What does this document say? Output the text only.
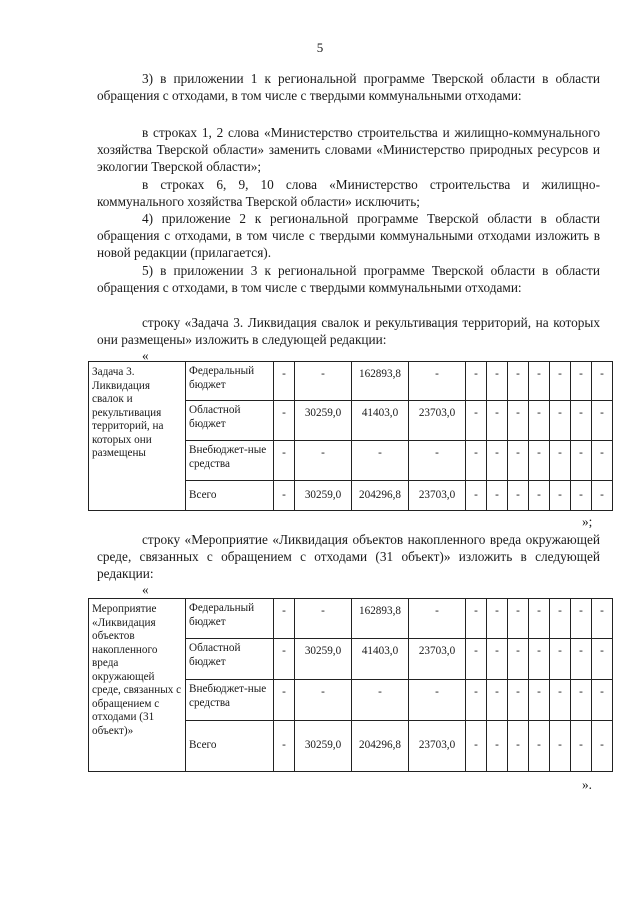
5

3) в приложении 1 к региональной программе Тверской области в области обращения с отходами, в том числе с твердыми коммунальными отходами:

в строках 1, 2 слова «Министерство строительства и жилищно-коммунального хозяйства Тверской области» заменить словами «Министерство природных ресурсов и экологии Тверской области»;

в строках 6, 9, 10 слова «Министерство строительства и жилищно-коммунального хозяйства Тверской области» исключить;

4) приложение 2 к региональной программе Тверской области в области обращения с отходами, в том числе с твердыми коммунальными отходами изложить в новой редакции (прилагается).

5) в приложении 3 к региональной программе Тверской области в области обращения с отходами, в том числе с твердыми коммунальными отходами:

строку «Задача 3. Ликвидация свалок и рекультивация территорий, на которых они размещены» изложить в следующей редакции:

«
Задача 3. Ликвидация свалок и рекультивация территорий, на которых они размещены	Федеральный бюджет	-	-	162893,8	-	-	-	-	-	-	-	-
	Областной бюджет	-	30259,0	41403,0	23703,0	-	-	-	-	-	-	-
	Внебюджет-ные средства	-	-	-	-	-	-	-	-	-	-	-
	Всего	-	30259,0	204296,8	23703,0	-	-	-	-	-	-	-
»;

строку «Мероприятие «Ликвидация объектов накопленного вреда окружающей среде, связанных с обращением с отходами (31 объект)» изложить в следующей редакции:

«
Мероприятие «Ликвидация объектов накопленного вреда окружающей среде, связанных с обращением с отходами (31 объект)»	Федеральный бюджет	-	-	162893,8	-	-	-	-	-	-	-	-
	Областной бюджет	-	30259,0	41403,0	23703,0	-	-	-	-	-	-	-
	Внебюджет-ные средства	-	-	-	-	-	-	-	-	-	-	-
	Всего	-	30259,0	204296,8	23703,0	-	-	-	-	-	-	-
».
